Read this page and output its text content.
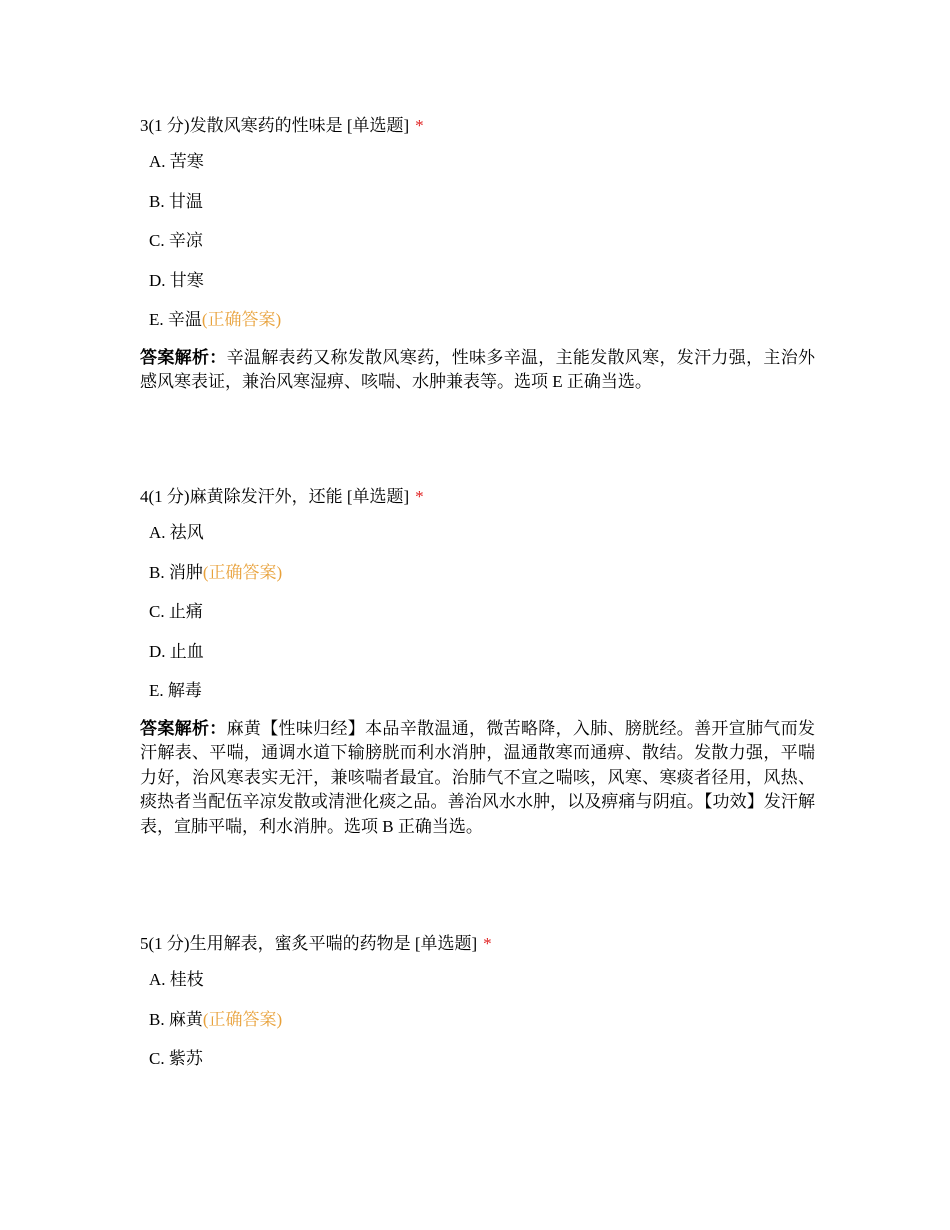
3(1 分)发散风寒药的性味是 [单选题] *
A. 苦寒
B. 甘温
C. 辛凉
D. 甘寒
E. 辛温(正确答案)
答案解析：辛温解表药又称发散风寒药，性味多辛温，主能发散风寒，发汗力强，主治外感风寒表证，兼治风寒湿痹、咳喘、水肿兼表等。选项 E 正确当选。
4(1 分)麻黄除发汗外，还能 [单选题] *
A. 祛风
B. 消肿(正确答案)
C. 止痛
D. 止血
E. 解毒
答案解析：麻黄【性味归经】本品辛散温通，微苦略降，入肺、膀胱经。善开宣肺气而发汗解表、平喘，通调水道下输膀胱而利水消肿，温通散寒而通痹、散结。发散力强，平喘力好，治风寒表实无汗，兼咳喘者最宜。治肺气不宣之喘咳，风寒、寒痰者径用，风热、痰热者当配伍辛凉发散或清泄化痰之品。善治风水水肿，以及痹痛与阴疽。【功效】发汗解表，宣肺平喘，利水消肿。选项 B 正确当选。
5(1 分)生用解表，蜜炙平喘的药物是 [单选题] *
A. 桂枝
B. 麻黄(正确答案)
C. 紫苏
